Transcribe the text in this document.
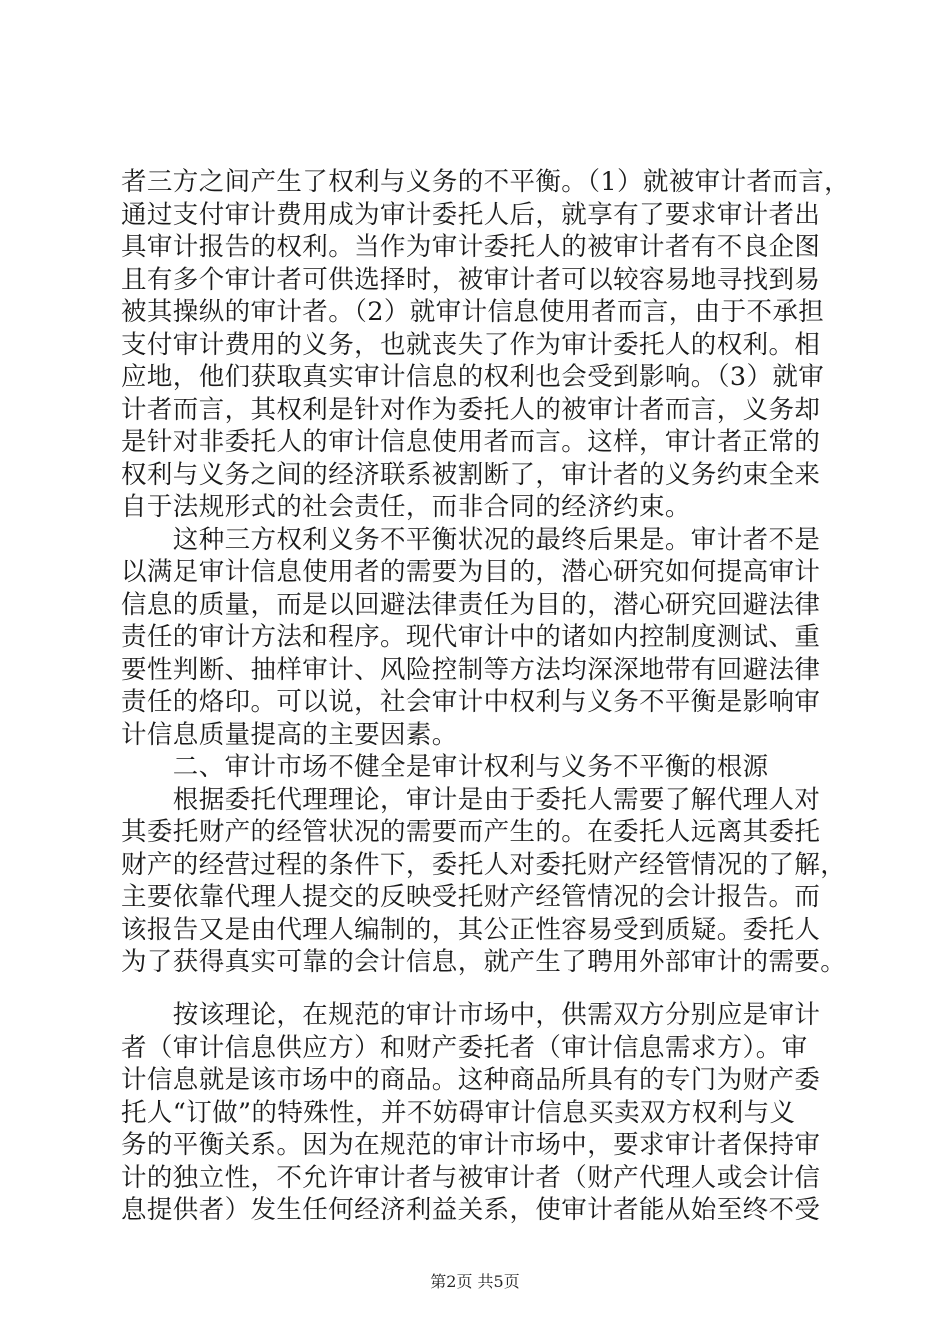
者三方之间产生了权利与义务的不平衡。（1）就被审计者而言，
通过支付审计费用成为审计委托人后，就享有了要求审计者出
具审计报告的权利。当作为审计委托人的被审计者有不良企图
且有多个审计者可供选择时，被审计者可以较容易地寻找到易
被其操纵的审计者。（2）就审计信息使用者而言，由于不承担
支付审计费用的义务，也就丧失了作为审计委托人的权利。相
应地，他们获取真实审计信息的权利也会受到影响。（3）就审
计者而言，其权利是针对作为委托人的被审计者而言，义务却
是针对非委托人的审计信息使用者而言。这样，审计者正常的
权利与义务之间的经济联系被割断了，审计者的义务约束全来
自于法规形式的社会责任，而非合同的经济约束。
　　这种三方权利义务不平衡状况的最终后果是。审计者不是
以满足审计信息使用者的需要为目的，潜心研究如何提高审计
信息的质量，而是以回避法律责任为目的，潜心研究回避法律
责任的审计方法和程序。现代审计中的诸如内控制度测试、重
要性判断、抽样审计、风险控制等方法均深深地带有回避法律
责任的烙印。可以说，社会审计中权利与义务不平衡是影响审
计信息质量提高的主要因素。
　　二、审计市场不健全是审计权利与义务不平衡的根源
　　根据委托代理理论，审计是由于委托人需要了解代理人对
其委托财产的经管状况的需要而产生的。在委托人远离其委托
财产的经营过程的条件下，委托人对委托财产经管情况的了解，
主要依靠代理人提交的反映受托财产经管情况的会计报告。而
该报告又是由代理人编制的，其公正性容易受到质疑。委托人
为了获得真实可靠的会计信息，就产生了聘用外部审计的需要。
　　按该理论，在规范的审计市场中，供需双方分别应是审计
者（审计信息供应方）和财产委托者（审计信息需求方）。审
计信息就是该市场中的商品。这种商品所具有的专门为财产委
托人“订做”的特殊性，并不妨碍审计信息买卖双方权利与义
务的平衡关系。因为在规范的审计市场中，要求审计者保持审
计的独立性，不允许审计者与被审计者（财产代理人或会计信
息提供者）发生任何经济利益关系，使审计者能从始至终不受
第2页 共5页
